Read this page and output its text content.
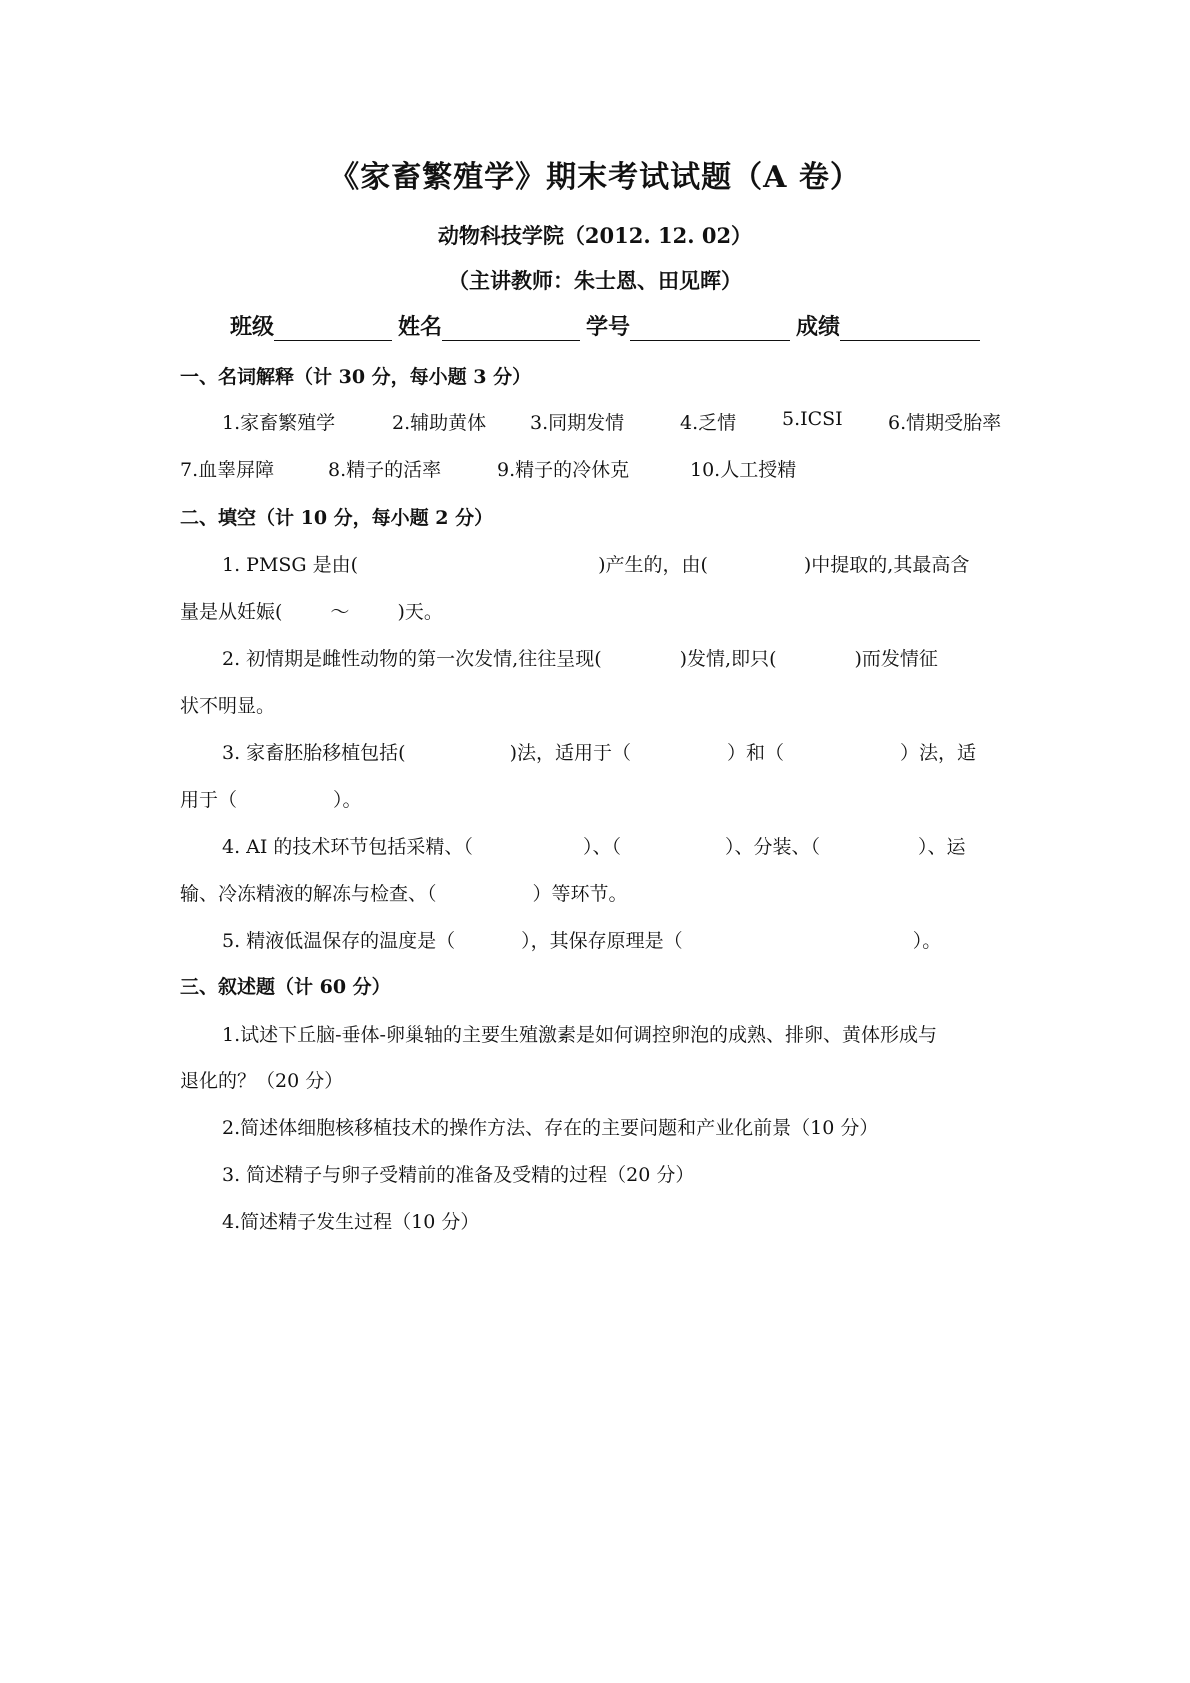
《家畜繁殖学》期末考试试题（A 卷）
动物科技学院（2012. 12. 02）
（主讲教师：朱士恩、田见晖）
班级	姓名	学号	成绩
一、名词解释（计 30 分，每小题 3 分）
1.家畜繁殖学	2.辅助黄体 3.同期发情	4.乏情 5.ICSI 6.情期受胎率
7.血睾屏障	8.精子的活率	9.精子的冷休克	10.人工授精
二、填空（计 10 分，每小题 2 分）
1. PMSG 是由(	)产生的，由(	)中提取的,其最高含
量是从妊娠(	～	)天。
2. 初情期是雌性动物的第一次发情,往往呈现(	)发情,即只(	)而发情征
状不明显。
3. 家畜胚胎移植包括(	)法，适用于（	）和（	）法，适
用于（	）。
4. AI 的技术环节包括采精、（	）、（	）、分装、（	）、运
输、冷冻精液的解冻与检查、（	）等环节。
5. 精液低温保存的温度是（	），其保存原理是（	）。
三、叙述题（计 60 分）
1.试述下丘脑-垂体-卵巢轴的主要生殖激素是如何调控卵泡的成熟、排卵、黄体形成与
退化的？（20 分）
2.简述体细胞核移植技术的操作方法、存在的主要问题和产业化前景（10 分）
3. 简述精子与卵子受精前的准备及受精的过程（20 分）
4.简述精子发生过程（10 分）
